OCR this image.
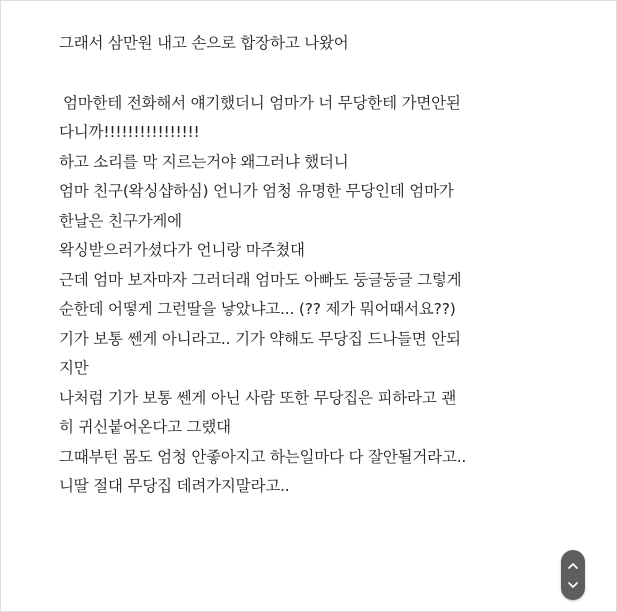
그래서 삼만원 내고 손으로 합장하고 나왔어
엄마한테 전화해서 얘기했더니 엄마가 너 무당한테 가면안된
다니까!!!!!!!!!!!!!!!!
하고 소리를 막 지르는거야 왜그러냐 했더니
엄마 친구(왁싱샵하심) 언니가 엄청 유명한 무당인데 엄마가
한날은 친구가게에
왁싱받으러가셨다가 언니랑 마주쳤대
근데 엄마 보자마자 그러더래 엄마도 아빠도 둥글둥글 그렇게
순한데 어떻게 그런딸을 낳았냐고... (?? 제가 뭐어때서요??)
기가 보통 쎈게 아니라고.. 기가 약해도 무당집 드나들면 안되
지만
나처럼 기가 보통 쎈게 아닌 사람 또한 무당집은 피하라고 괜
히 귀신붙어온다고 그랬대
그때부턴 몸도 엄청 안좋아지고 하는일마다 다 잘안될거라고..
니딸 절대 무당집 데려가지말라고..
